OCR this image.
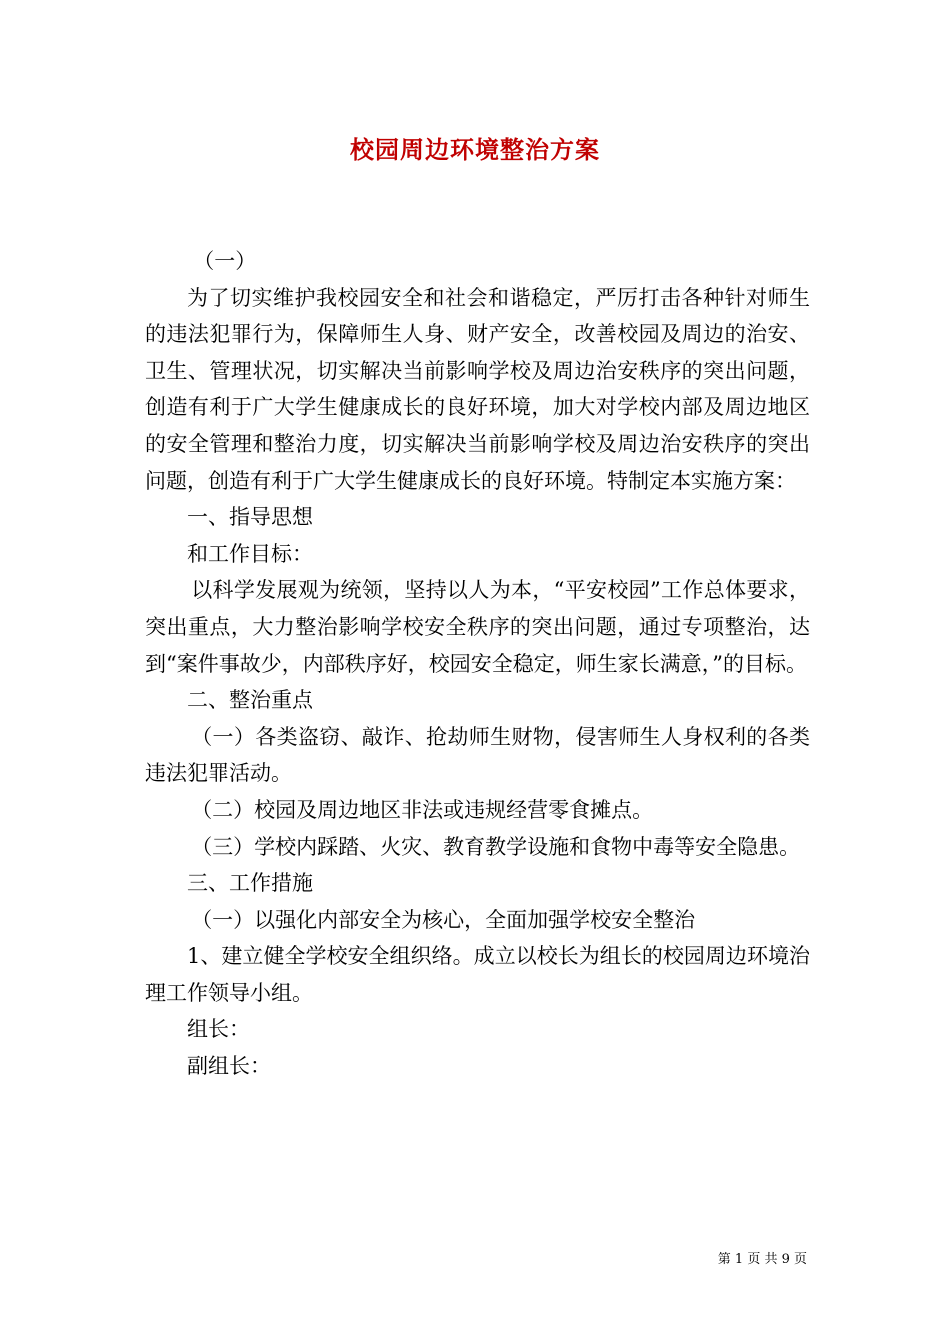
校园周边环境整治方案

（一）

为了切实维护我校园安全和社会和谐稳定，严厉打击各种针对师生的违法犯罪行为，保障师生人身、财产安全，改善校园及周边的治安、卫生、管理状况，切实解决当前影响学校及周边治安秩序的突出问题，创造有利于广大学生健康成长的良好环境，加大对学校内部及周边地区的安全管理和整治力度，切实解决当前影响学校及周边治安秩序的突出问题，创造有利于广大学生健康成长的良好环境。特制定本实施方案：

一、指导思想

和工作目标：

以科学发展观为统领，坚持以人为本，“平安校园”工作总体要求，突出重点，大力整治影响学校安全秩序的突出问题，通过专项整治，达到“案件事故少，内部秩序好，校园安全稳定，师生家长满意，”的目标。

二、整治重点

（一）各类盗窃、敲诈、抢劫师生财物，侵害师生人身权利的各类违法犯罪活动。

（二）校园及周边地区非法或违规经营零食摊点。

（三）学校内踩踏、火灾、教育教学设施和食物中毒等安全隐患。

三、工作措施

（一）以强化内部安全为核心，全面加强学校安全整治

1、建立健全学校安全组织络。成立以校长为组长的校园周边环境治理工作领导小组。

组长：

副组长：

第 1 页 共 9 页
